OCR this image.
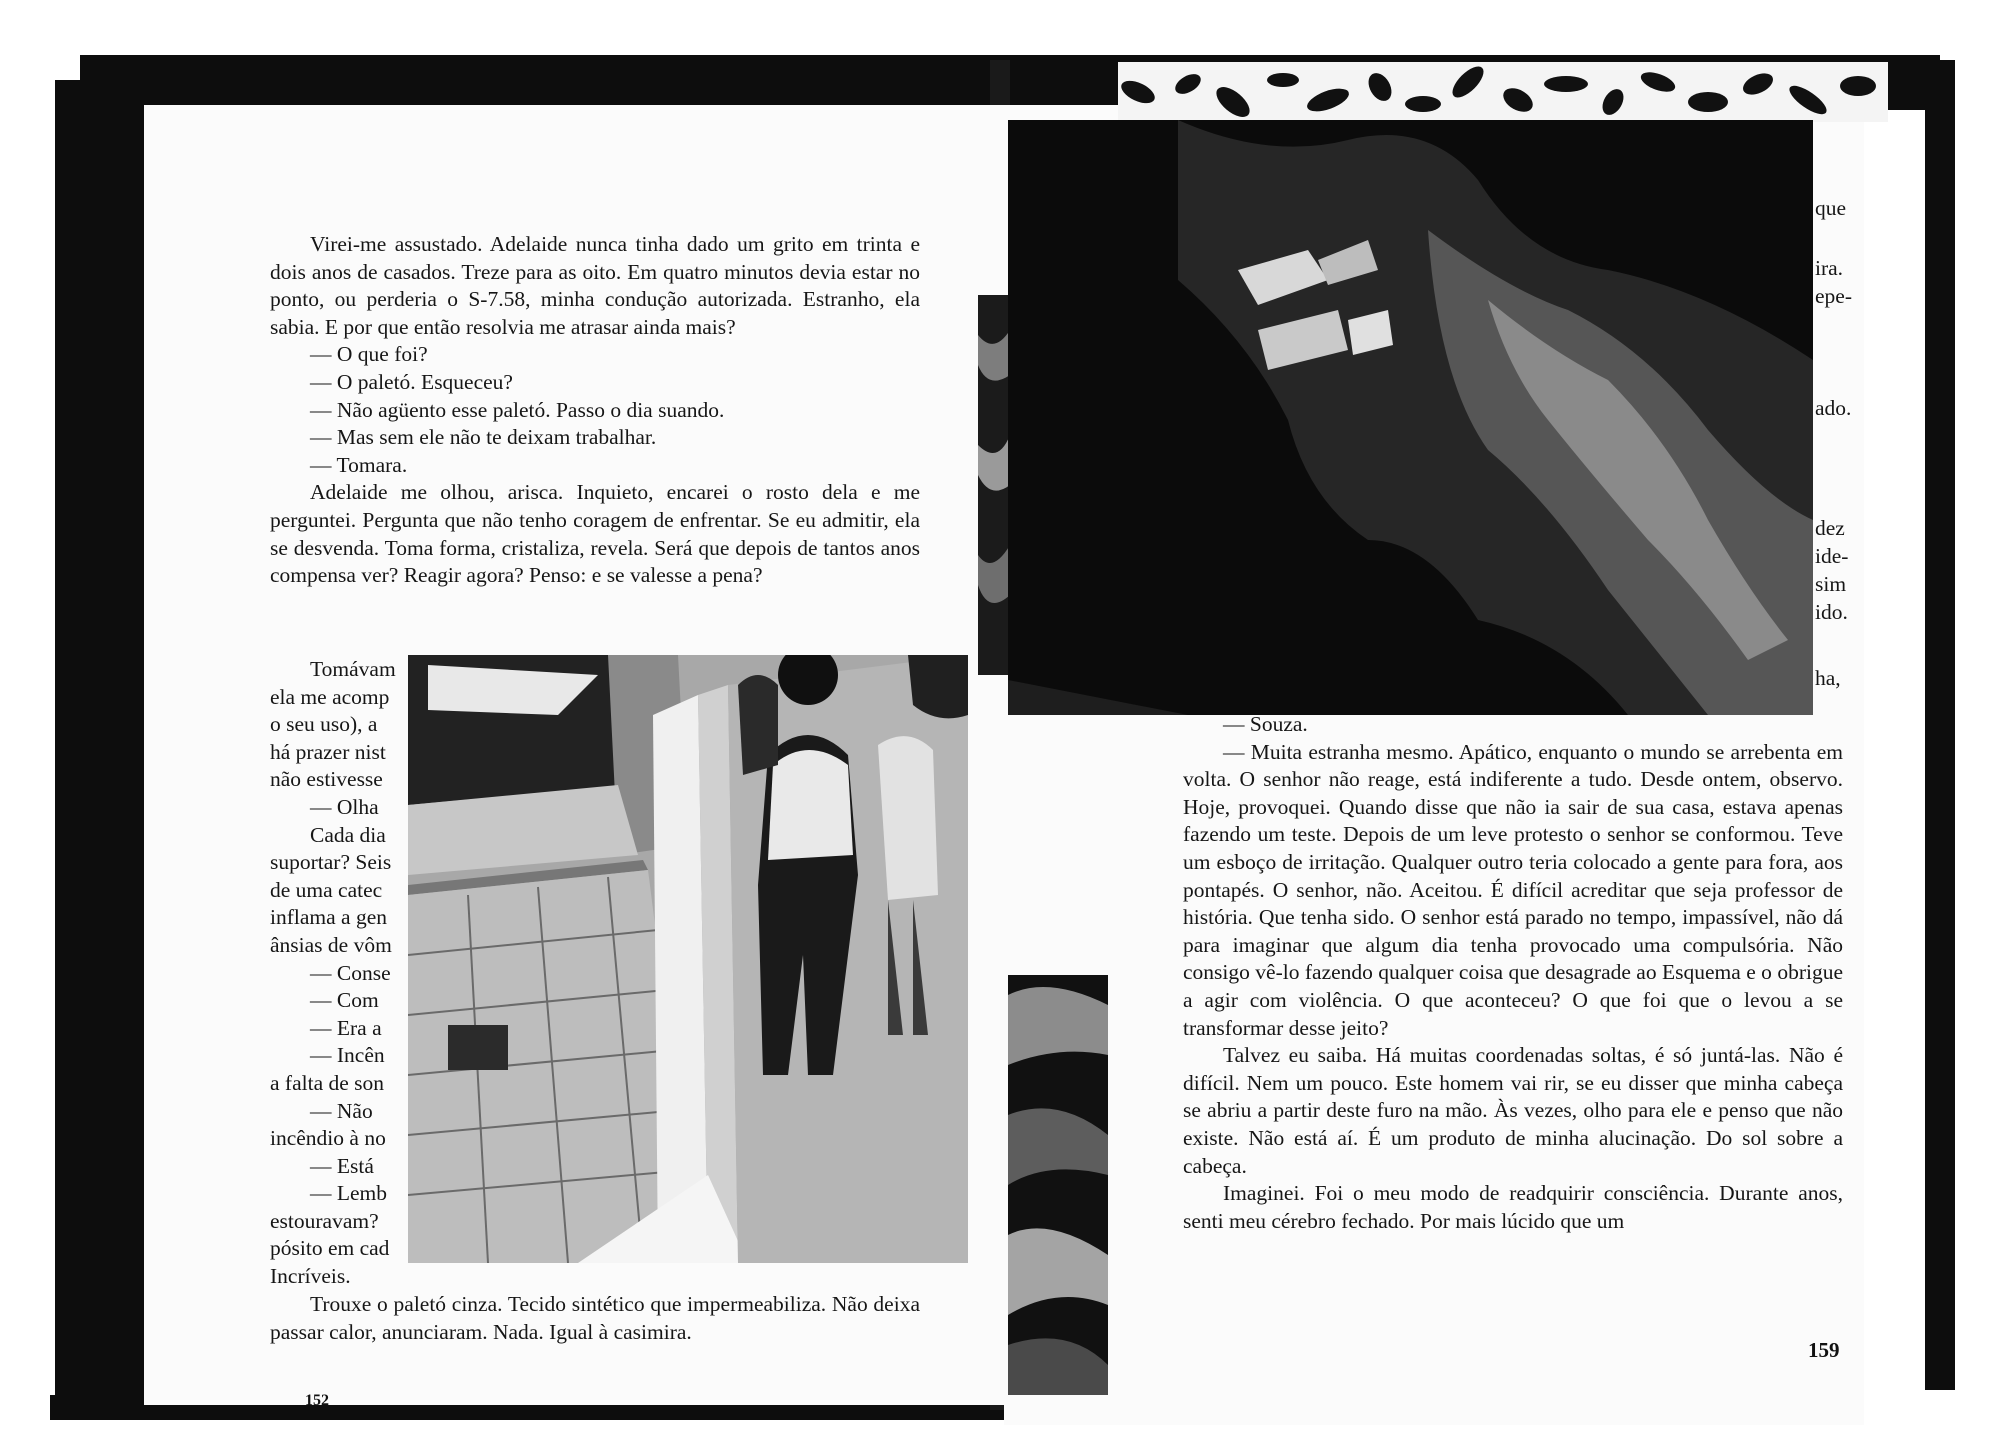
Virei-me assustado. Adelaide nunca tinha dado um grito em trinta e dois anos de casados. Treze para as oito. Em quatro minutos devia estar no ponto, ou perderia o S-7.58, minha condução autorizada. Estranho, ela sabia. E por que então resolvia me atrasar ainda mais?

— O que foi?

— O paletó. Esqueceu?

— Não agüento esse paletó. Passo o dia suando.

— Mas sem ele não te deixam trabalhar.

— Tomara.

Adelaide me olhou, arisca. Inquieto, encarei o rosto dela e me perguntei. Pergunta que não tenho coragem de enfrentar. Se eu admitir, ela se desvenda. Toma forma, cristaliza, revela. Será que depois de tantos anos compensa ver? Reagir agora? Penso: e se valesse a pena?

Tomávam
ela me acomp
o seu uso), a
há prazer nist
não estivesse
— Olha
Cada dia
suportar? Seis
de uma catec
inflama a gen
ânsias de vôm
— Conse
— Com
— Era a
— Incên
a falta de son
— Não
incêndio à no
— Está
— Lemb
estouravam?
pósito em cad
Incríveis.

Trouxe o paletó cinza. Tecido sintético que impermeabiliza. Não deixa passar calor, anunciaram. Nada. Igual à casimira.

152
que
ira.
epe-
ado.
dez
ide-
sim
ido.
ha,

— Souza.

— Muita estranha mesmo. Apático, enquanto o mundo se arrebenta em volta. O senhor não reage, está indiferente a tudo. Desde ontem, observo. Hoje, provoquei. Quando disse que não ia sair de sua casa, estava apenas fazendo um teste. Depois de um leve protesto o senhor se conformou. Teve um esboço de irritação. Qualquer outro teria colocado a gente para fora, aos pontapés. O senhor, não. Aceitou. É difícil acreditar que seja professor de história. Que tenha sido. O senhor está parado no tempo, impassível, não dá para imaginar que algum dia tenha provocado uma compulsória. Não consigo vê-lo fazendo qualquer coisa que desagrade ao Esquema e o obrigue a agir com violência. O que aconteceu? O que foi que o levou a se transformar desse jeito?

Talvez eu saiba. Há muitas coordenadas soltas, é só juntá-las. Não é difícil. Nem um pouco. Este homem vai rir, se eu disser que minha cabeça se abriu a partir deste furo na mão. Às vezes, olho para ele e penso que não existe. Não está aí. É um produto de minha alucinação. Do sol sobre a cabeça.

Imaginei. Foi o meu modo de readquirir consciência. Durante anos, senti meu cérebro fechado. Por mais lúcido que um

159
